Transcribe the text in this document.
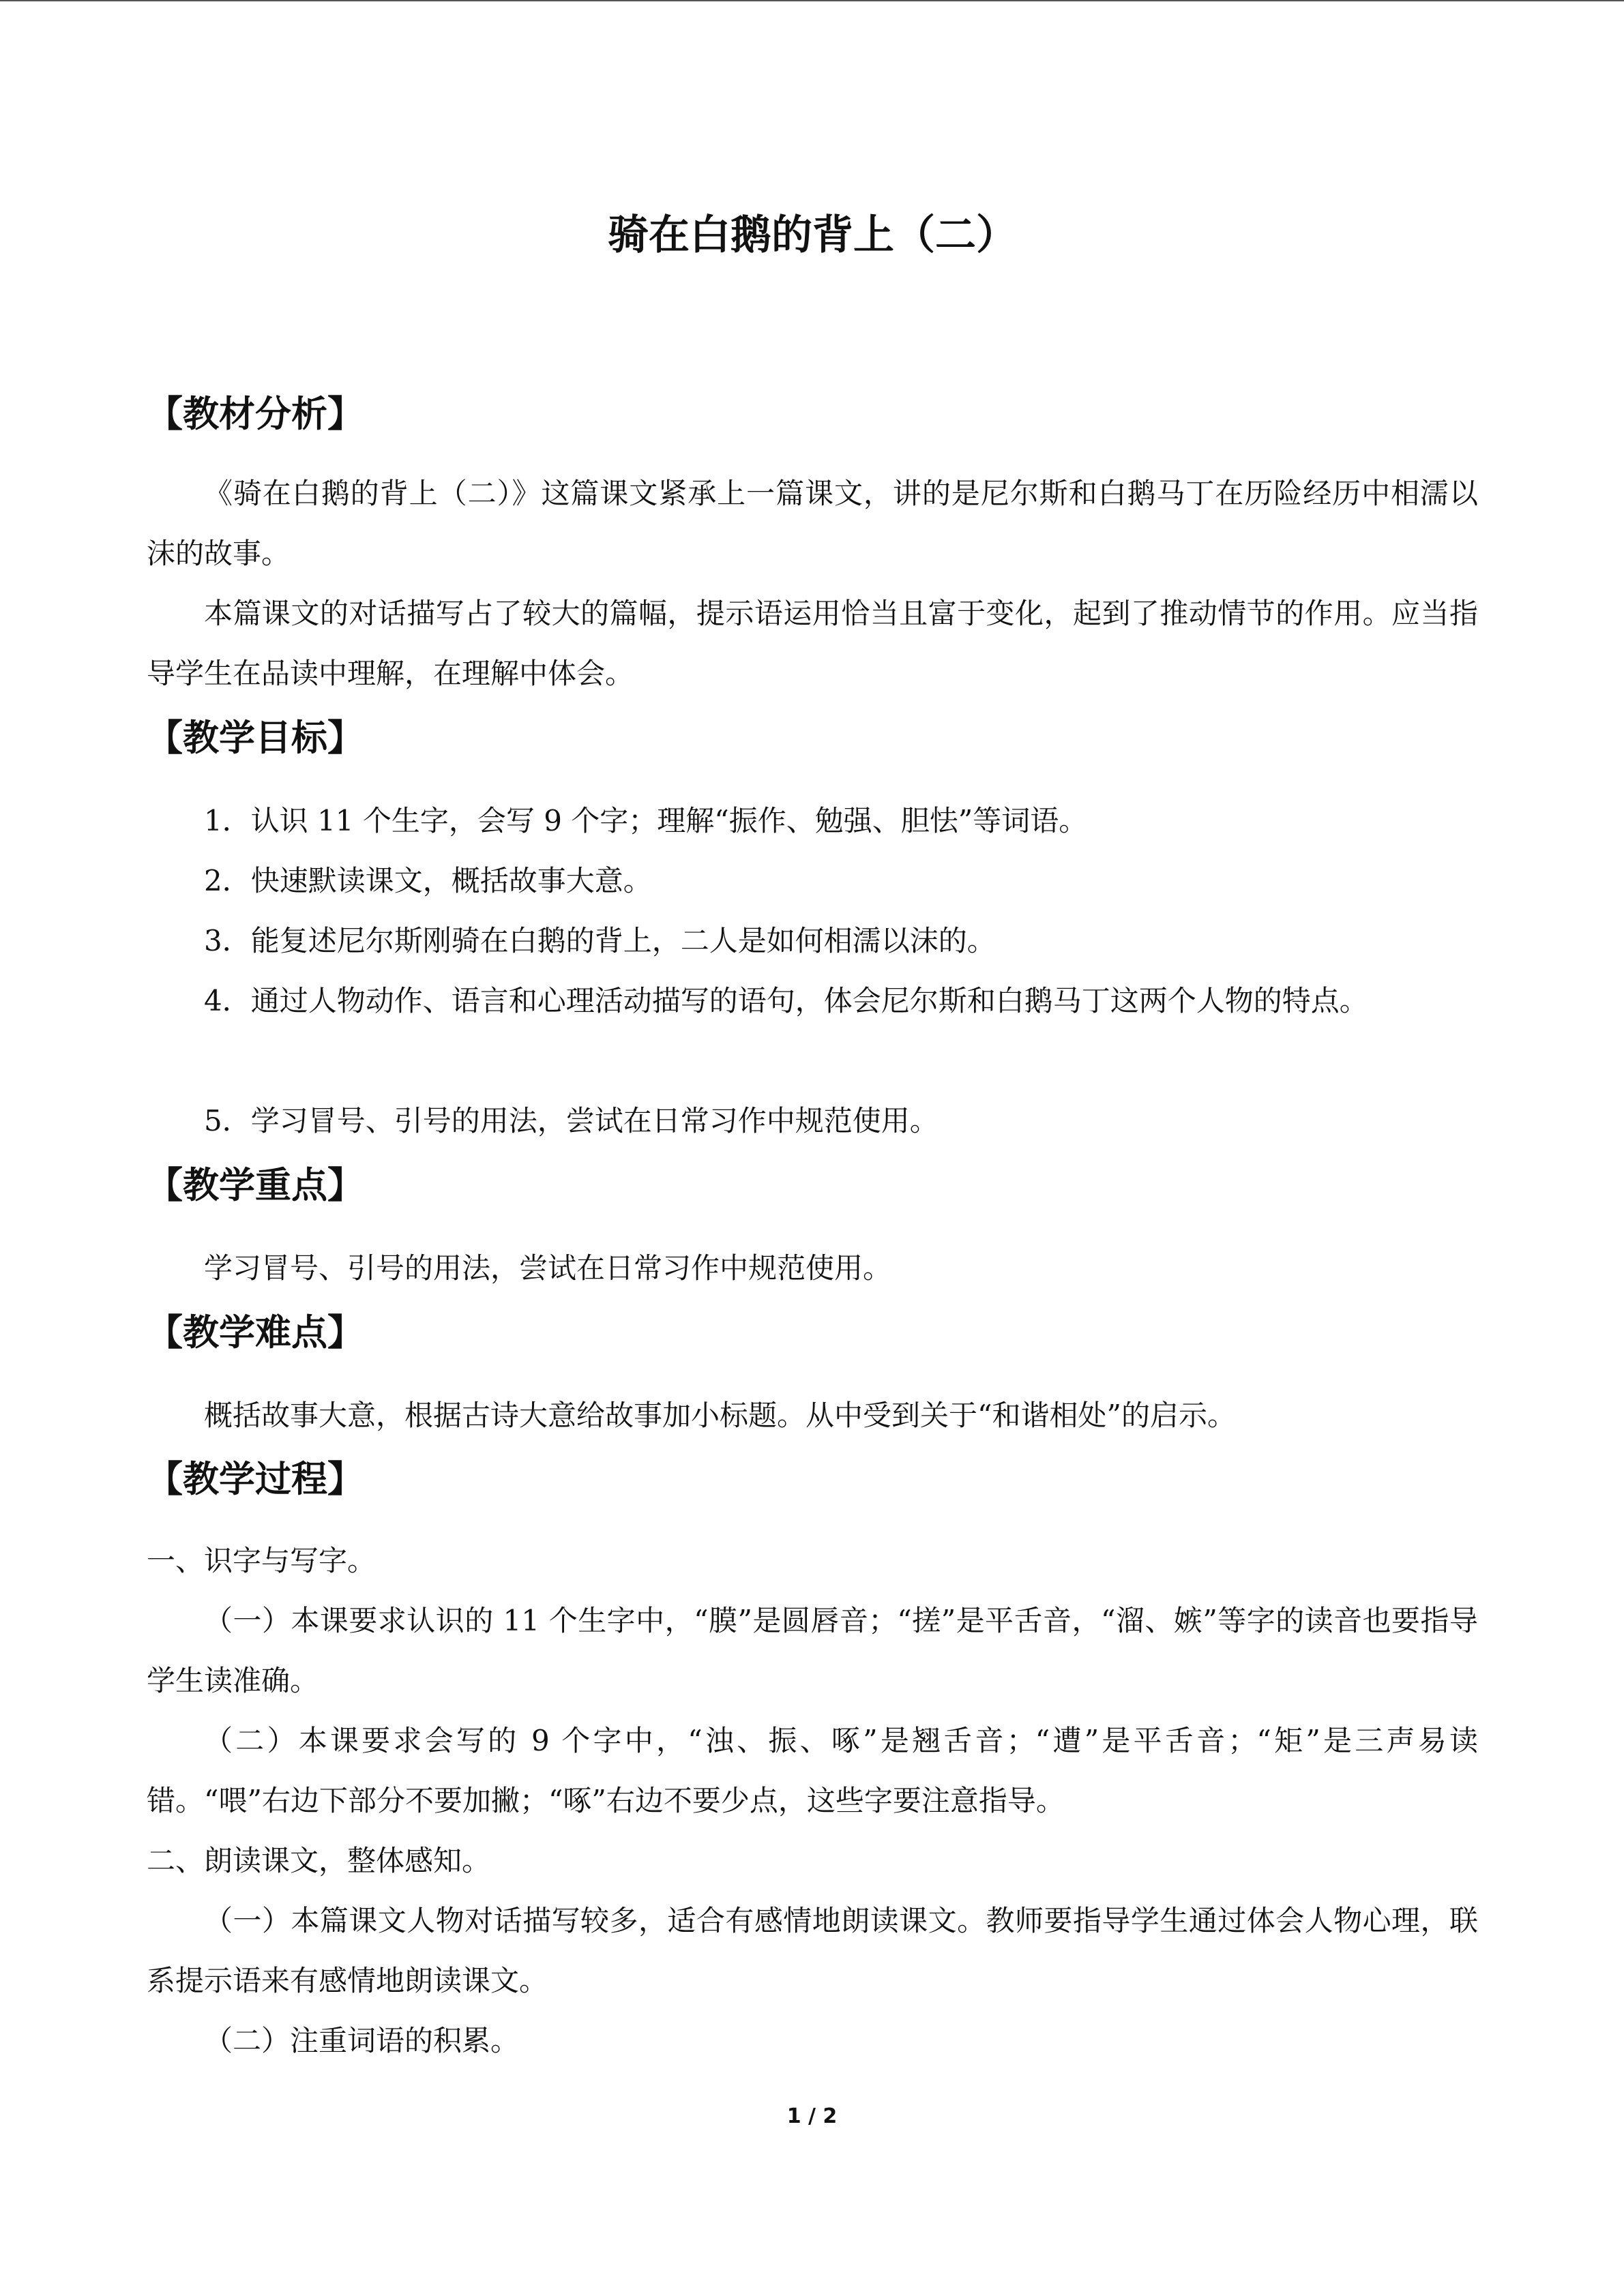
骑在白鹅的背上（二）
【教材分析】
《骑在白鹅的背上（二）》这篇课文紧承上一篇课文，讲的是尼尔斯和白鹅马丁在历险经历中相濡以沫的故事。
本篇课文的对话描写占了较大的篇幅，提示语运用恰当且富于变化，起到了推动情节的作用。应当指导学生在品读中理解，在理解中体会。
【教学目标】
1．认识 11 个生字，会写 9 个字；理解“振作、勉强、胆怯”等词语。
2．快速默读课文，概括故事大意。
3．能复述尼尔斯刚骑在白鹅的背上，二人是如何相濡以沫的。
4．通过人物动作、语言和心理活动描写的语句，体会尼尔斯和白鹅马丁这两个人物的特点。
5．学习冒号、引号的用法，尝试在日常习作中规范使用。
【教学重点】
学习冒号、引号的用法，尝试在日常习作中规范使用。
【教学难点】
概括故事大意，根据古诗大意给故事加小标题。从中受到关于“和谐相处”的启示。
【教学过程】
一、识字与写字。
（一）本课要求认识的 11 个生字中，“膜”是圆唇音；“搓”是平舌音，“溜、嫉”等字的读音也要指导学生读准确。
（二）本课要求会写的 9 个字中，“浊、振、啄”是翘舌音；“遭”是平舌音；“矩”是三声易读错。“喂”右边下部分不要加撇；“啄”右边不要少点，这些字要注意指导。
二、朗读课文，整体感知。
（一）本篇课文人物对话描写较多，适合有感情地朗读课文。教师要指导学生通过体会人物心理，联系提示语来有感情地朗读课文。
（二）注重词语的积累。
1 / 2
